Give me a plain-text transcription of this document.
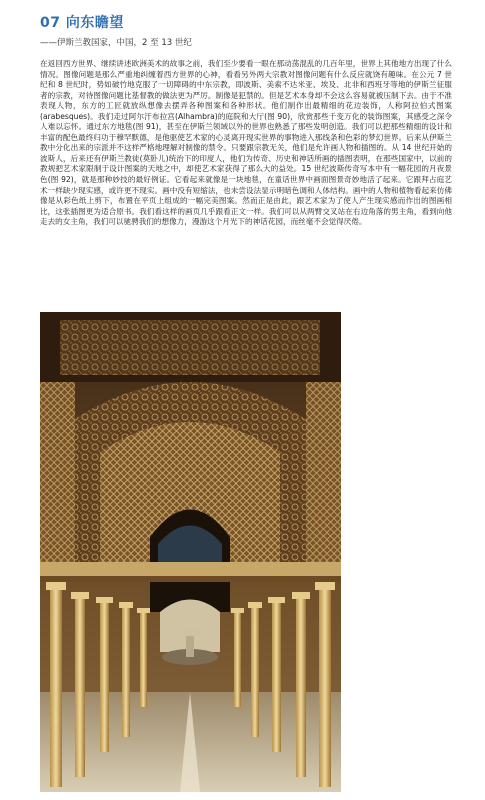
07 向东瞻望
——伊斯兰教国家，中国，2 至 13 世纪

在返回西方世界、继续讲述欧洲美术的故事之前，我们至少要看一眼在那动荡混乱的几百年里，世界上其他地方出现了什么情况。图像问题是那么严重地纠缠着西方世界的心神，看看另外两大宗教对图像问题有什么反应就饶有趣味。在公元 7 世纪和 8 世纪时，势如破竹地克服了一切障碍的中东宗教，即波斯、美索不达米亚、埃及、北非和西班牙等地的伊斯兰征服者的宗教，对待图像问题比基督教的做法更为严厉。制像是犯禁的。但是艺术本身却不会这么容易就被压制下去。由于不准表现人物，东方的工匠就放纵想像去摆弄各种图案和各种形状。他们制作出最精细的花边装饰，人称阿拉伯式图案(arabesques)。我们走过阿尔汗布拉宫(Alhambra)的庭院和大厅(图 90)，欣赏那些千变万化的装饰图案，其感受之深令人难以忘怀。通过东方地毯(图 91)，甚至在伊斯兰领域以外的世界也熟悉了那些发明创造。我们可以把那些精细的设计和丰富的配色最终归功于穆罕默德，是他驱使艺术家的心灵离开现实世界的事物进入那线条和色彩的梦幻世界。后来从伊斯兰教中分化出来的宗派并不这样严格地理解对制像的禁令。只要跟宗教无关，他们是允许画人物和插图的。从 14 世纪开始的波斯人，后来还有伊斯兰教徒(莫卧儿)统治下的印度人，他们为传奇、历史和神话所画的插图表明，在那些国家中，以前的教规把艺术家限制于设计图案的天地之中，却使艺术家获得了那么大的益处。15 世纪波斯传奇写本中有一幅花园的月夜景色(图 92)，就是那种妙技的最好例证。它看起来就像是一块地毯，在童话世界中画面图景奇妙地活了起来。它跟拜占庭艺术一样缺少现实感，或许更不现实。画中没有短缩法，也未尝设法显示明暗色调和人体结构。画中的人物和植物看起来仿佛像是从彩色纸上剪下，布置在平页上组成的一幅完美图案。然而正是由此，跟艺术家为了使人产生现实感而作出的图画相比，这张插图更为适合原书。我们看这样的画页几乎跟看正文一样。我们可以从两臂交叉站在右边角落的男主角，看到向他走去的女主角，我们可以驰骋我们的想像力，漫游这个月光下的神话花园，而丝毫不会觉得厌倦。
